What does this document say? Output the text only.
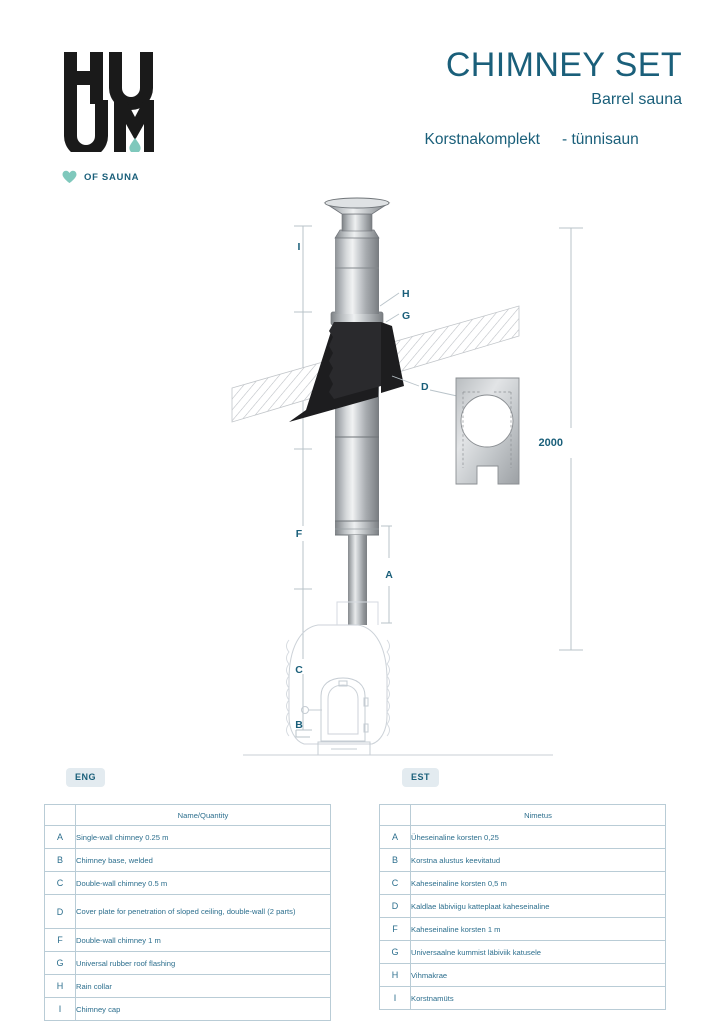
OF SAUNA
CHIMNEY SET
Barrel sauna
Korstnakomplekt - tünnisaun
2000
I
F
C
B
H
G
D
A
ENG	EST
	Name/Quantity
A	Single-wall chimney 0.25 m
B	Chimney base, welded
C	Double-wall chimney 0.5 m
D	Cover plate for penetration of sloped ceiling, double-wall (2 parts)
F	Double-wall chimney 1 m
G	Universal rubber roof flashing
H	Rain collar
I	Chimney cap
	Nimetus
A	Üheseinaline korsten 0,25
B	Korstna alustus keevitatud
C	Kaheseinaline korsten 0,5 m
D	Kaldlae läbiviigu katteplaat kaheseinaline
F	Kaheseinaline korsten 1 m
G	Universaalne kummist läbiviik katusele
H	Vihmakrae
I	Korstnamüts
